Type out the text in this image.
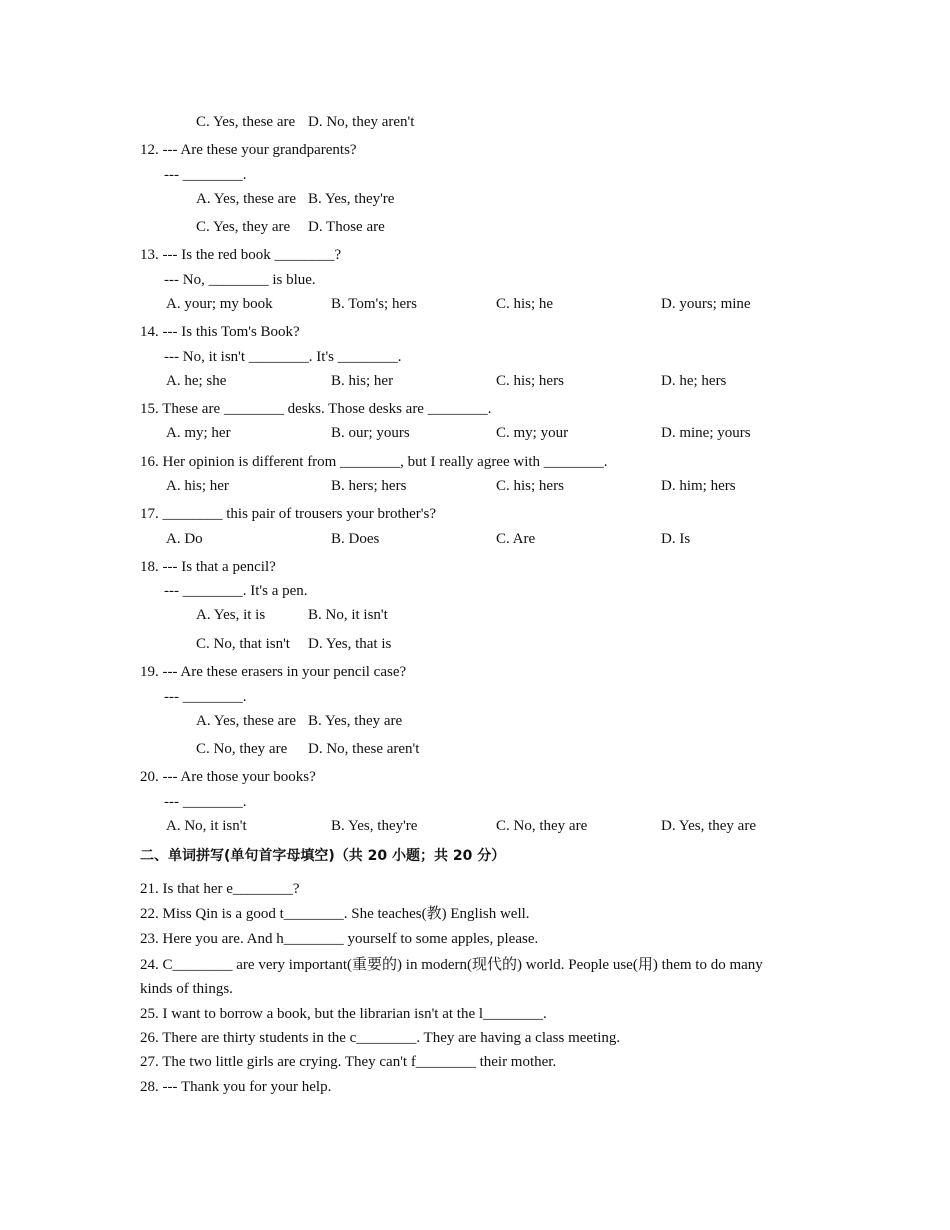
C. Yes, these are D. No, they aren't
12. --- Are these your grandparents?
--- ________.
A. Yes, these are B. Yes, they're
C. Yes, they are D. Those are
13. --- Is the red book ________?
--- No, ________ is blue.
A. your; my book	B. Tom's; hers	C. his; he	D. yours; mine
14. --- Is this Tom's Book?
--- No, it isn't ________. It's ________.
A. he; she	B. his; her	C. his; hers	D. he; hers
15. These are ________ desks. Those desks are ________.
A. my; her	B. our; yours	C. my; your	D. mine; yours
16. Her opinion is different from ________, but I really agree with ________.
A. his; her	B. hers; hers	C. his; hers	D. him; hers
17. ________ this pair of trousers your brother's?
A. Do	B. Does	C. Are	D. Is
18. --- Is that a pencil?
--- ________. It's a pen.
A. Yes, it is	B. No, it isn't
C. No, that isn't D. Yes, that is
19. --- Are these erasers in your pencil case?
--- ________.
A. Yes, these are B. Yes, they are
C. No, they are D. No, these aren't
20. --- Are those your books?
--- ________.
A. No, it isn't	B. Yes, they're	C. No, they are	D. Yes, they are
二、单词拼写(单句首字母填空)（共 20 小题；共 20 分）
21. Is that her e________?
22. Miss Qin is a good t________. She teaches(教) English well.
23. Here you are. And h________ yourself to some apples, please.
24. C________ are very important(重要的) in modern(现代的) world. People use(用) them to do many
kinds of things.
25. I want to borrow a book, but the librarian isn't at the l________.
26. There are thirty students in the c________. They are having a class meeting.
27. The two little girls are crying. They can't f________ their mother.
28. --- Thank you for your help.
